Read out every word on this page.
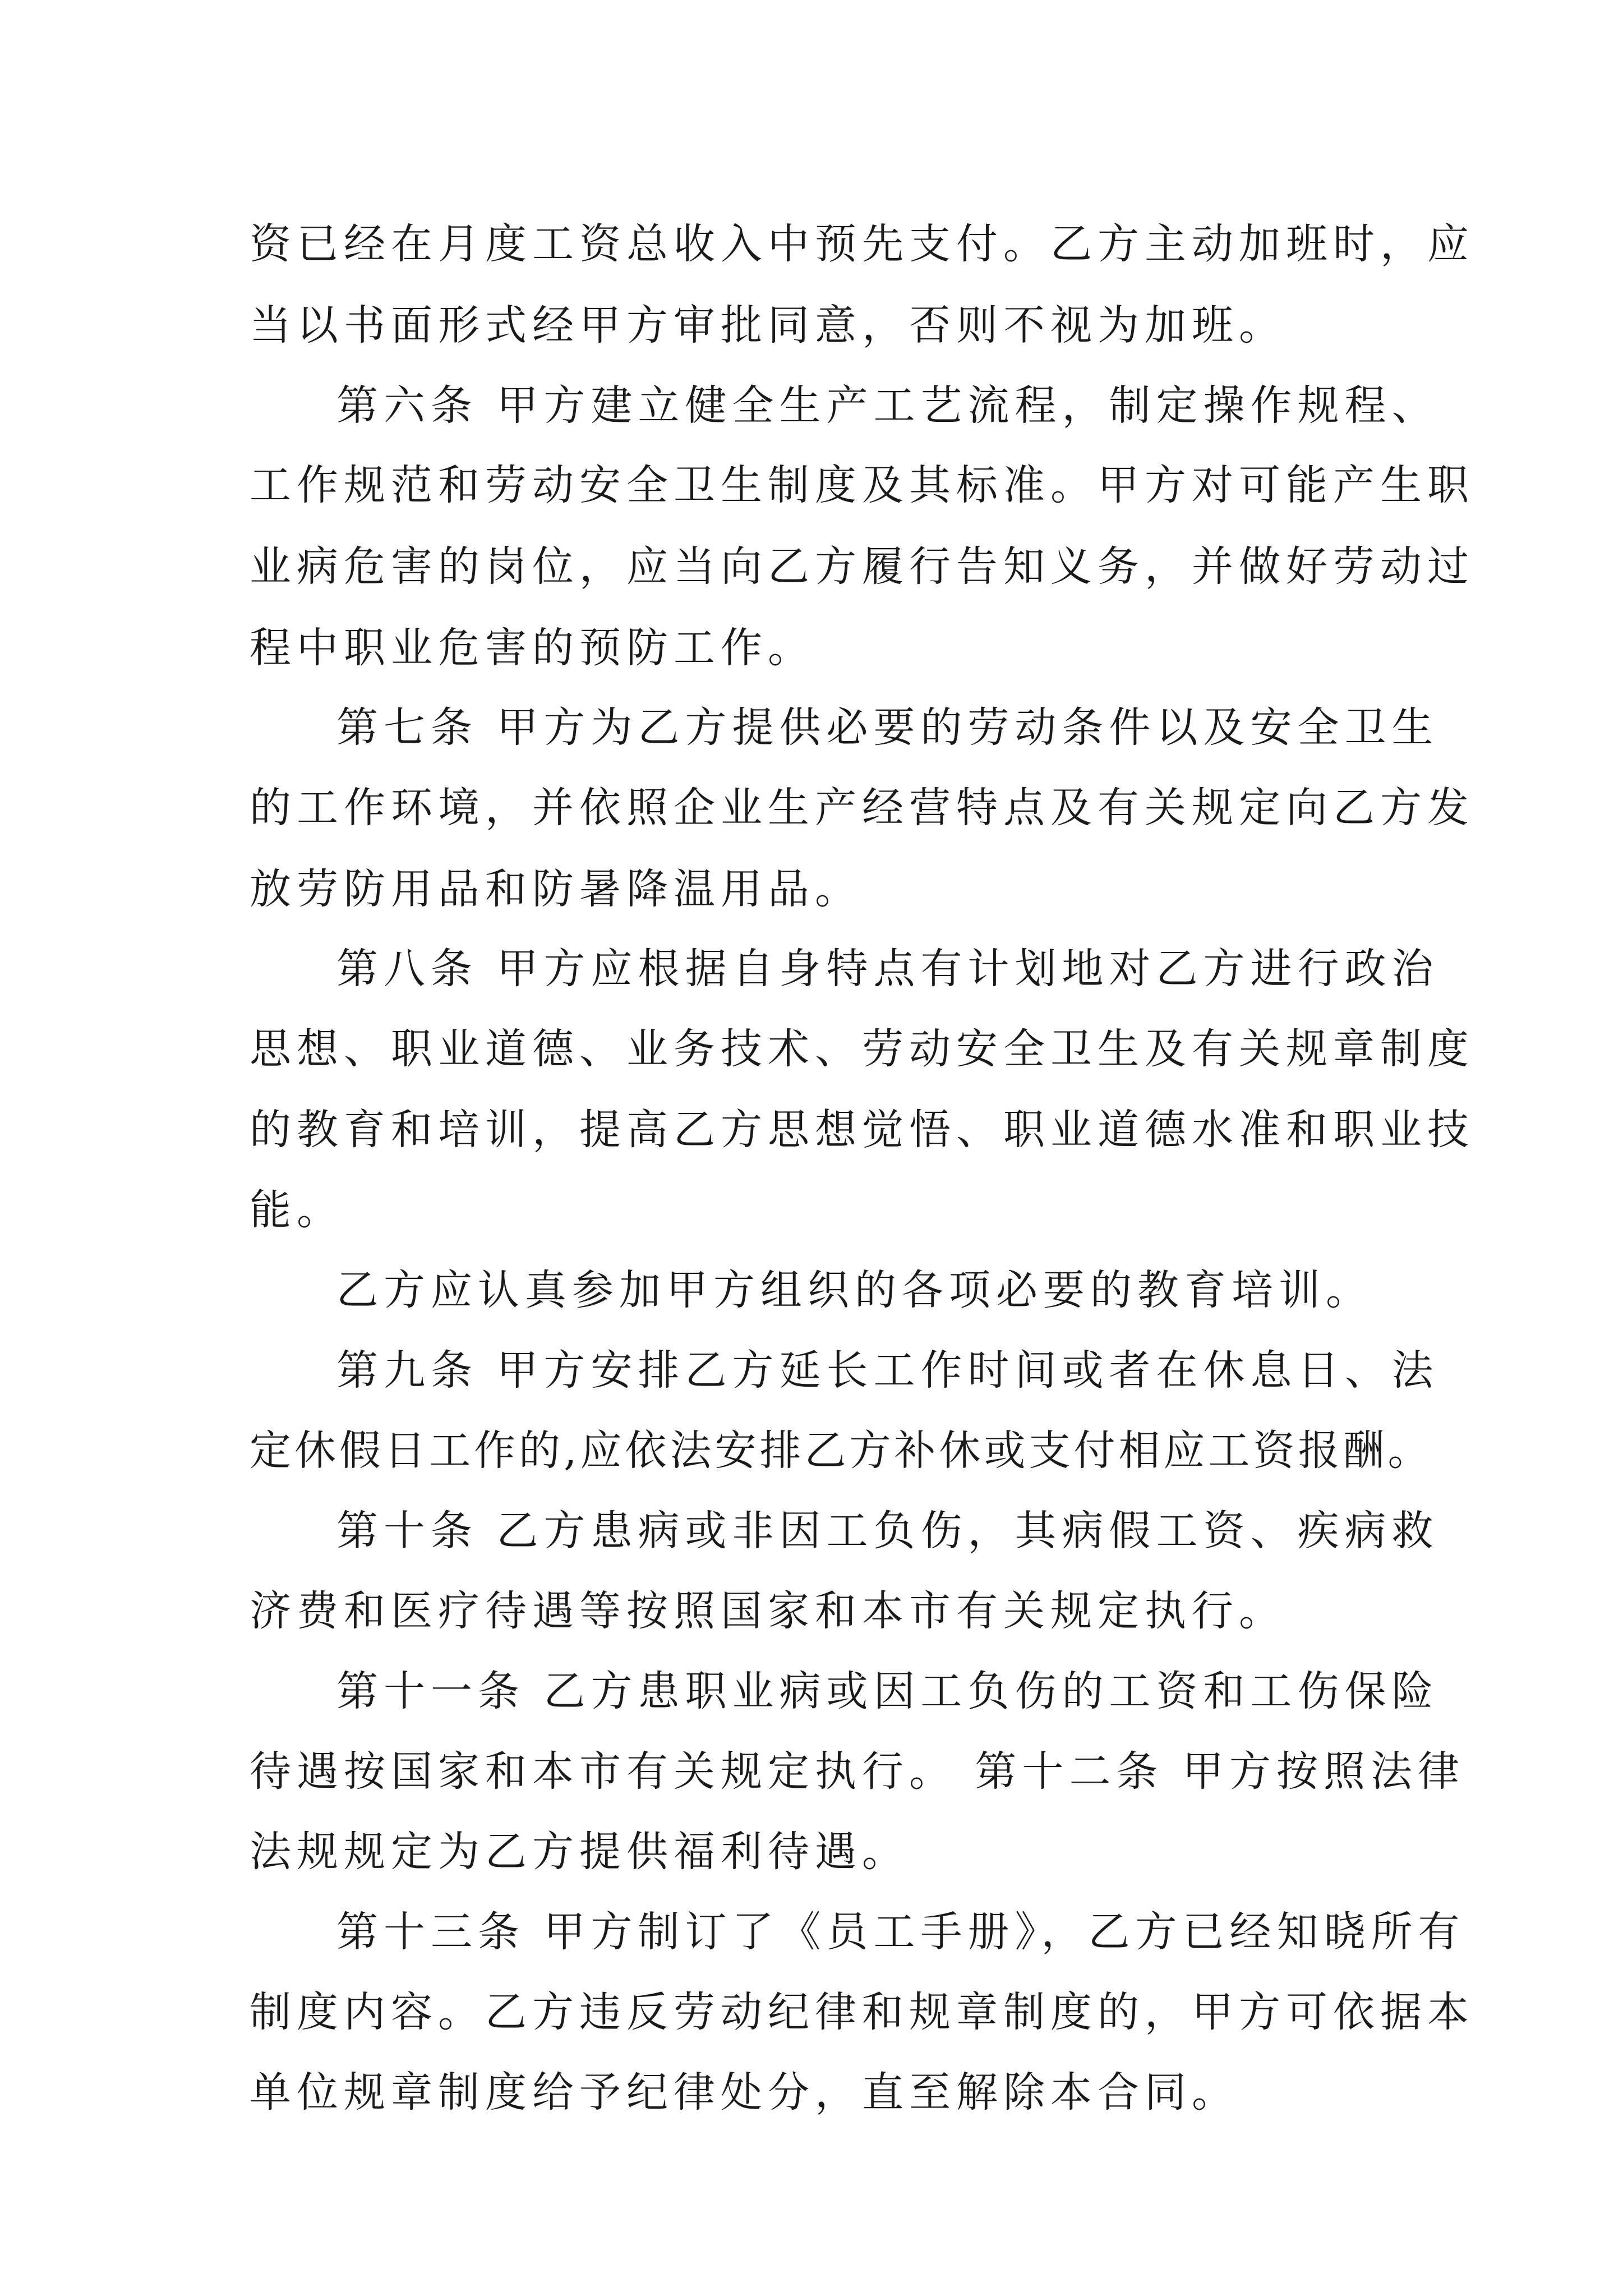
资已经在月度工资总收入中预先支付。乙方主动加班时，应
当以书面形式经甲方审批同意，否则不视为加班。
第六条 甲方建立健全生产工艺流程，制定操作规程、
工作规范和劳动安全卫生制度及其标准。甲方对可能产生职
业病危害的岗位，应当向乙方履行告知义务，并做好劳动过
程中职业危害的预防工作。
第七条 甲方为乙方提供必要的劳动条件以及安全卫生
的工作环境，并依照企业生产经营特点及有关规定向乙方发
放劳防用品和防暑降温用品。
第八条 甲方应根据自身特点有计划地对乙方进行政治
思想、职业道德、业务技术、劳动安全卫生及有关规章制度
的教育和培训，提高乙方思想觉悟、职业道德水准和职业技
能。
乙方应认真参加甲方组织的各项必要的教育培训。
第九条 甲方安排乙方延长工作时间或者在休息日、法
定休假日工作的,应依法安排乙方补休或支付相应工资报酬。
第十条 乙方患病或非因工负伤，其病假工资、疾病救
济费和医疗待遇等按照国家和本市有关规定执行。
第十一条 乙方患职业病或因工负伤的工资和工伤保险
待遇按国家和本市有关规定执行。 第十二条 甲方按照法律
法规规定为乙方提供福利待遇。
第十三条 甲方制订了《员工手册》，乙方已经知晓所有
制度内容。乙方违反劳动纪律和规章制度的，甲方可依据本
单位规章制度给予纪律处分，直至解除本合同。
